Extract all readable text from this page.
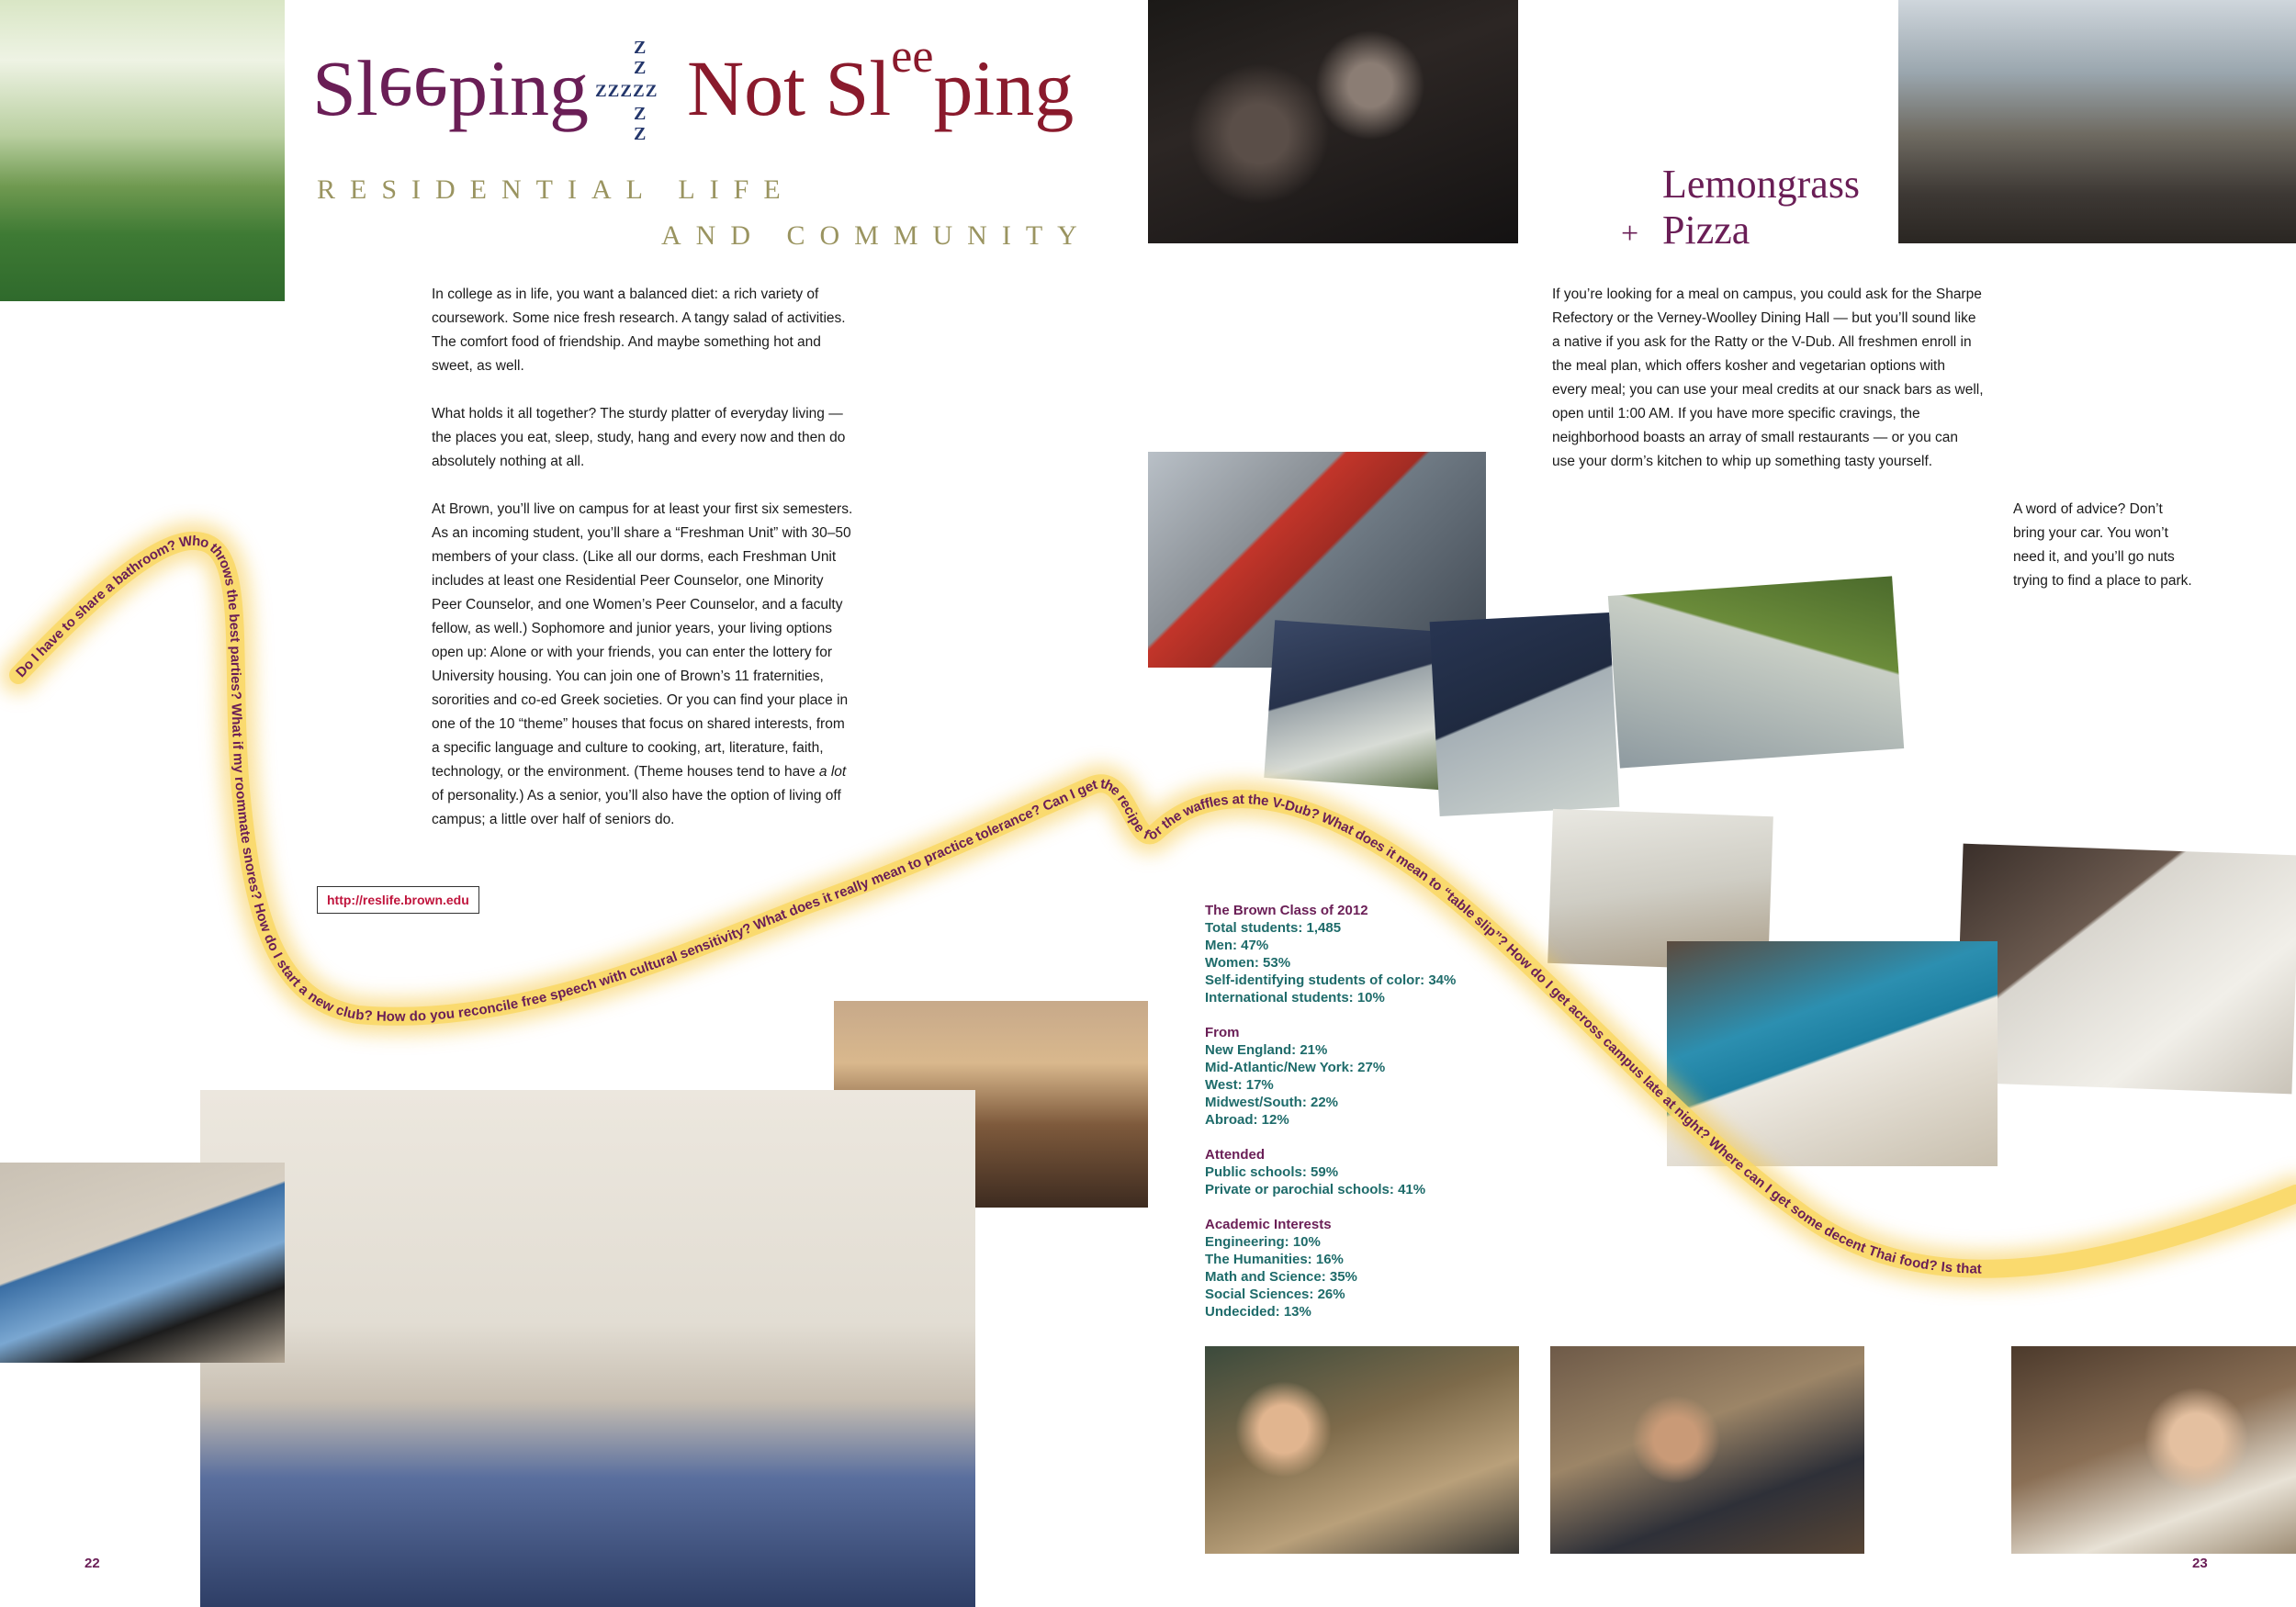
Sleeping Z
Z
ZZZZZ
Z
Z
Not Sleeping
RESIDENTIAL LIFE
AND COMMUNITY

In college as in life, you want a balanced diet: a rich variety of coursework. Some nice fresh research. A tangy salad of activities. The comfort food of friendship. And maybe something hot and sweet, as well.

What holds it all together? The sturdy platter of everyday living — the places you eat, sleep, study, hang and every now and then do absolutely nothing at all.

At Brown, you’ll live on campus for at least your first six semesters. As an incoming student, you’ll share a “Freshman Unit” with 30–50 members of your class. (Like all our dorms, each Freshman Unit includes at least one Residential Peer Counselor, one Minority Peer Counselor, and one Women’s Peer Counselor, and a faculty fellow, as well.) Sophomore and junior years, your living options open up: Alone or with your friends, you can enter the lottery for University housing. You can join one of Brown’s 11 fraternities, sororities and co-ed Greek societies. Or you can find your place in one of the 10 “theme” houses that focus on shared interests, from a specific language and culture to cooking, art, literature, faith, technology, or the environment. (Theme houses tend to have a lot of personality.) As a senior, you’ll also have the option of living off campus; a little over half of seniors do.

http://reslife.brown.edu
Lemongrass
+ Pizza
If you’re looking for a meal on campus, you could ask for the Sharpe Refectory or the Verney-Woolley Dining Hall — but you’ll sound like a native if you ask for the Ratty or the V-Dub. All freshmen enroll in the meal plan, which offers kosher and vegetarian options with every meal; you can use your meal credits at our snack bars as well, open until 1:00 AM. If you have more specific cravings, the neighborhood boasts an array of small restaurants — or you can use your dorm’s kitchen to whip up something tasty yourself.
A word of advice? Don’t bring your car. You won’t need it, and you’ll go nuts trying to find a place to park.
The Brown Class of 2012
Total students: 1,485
Men: 47%
Women: 53%
Self-identifying students of color: 34%
International students: 10%
From
New England: 21%
Mid-Atlantic/New York: 27%
West: 17%
Midwest/South: 22%
Abroad: 12%
Attended
Public schools: 59%
Private or parochial schools: 41%
Academic Interests
Engineering: 10%
The Humanities: 16%
Math and Science: 35%
Social Sciences: 26%
Undecided: 13%
Do I have to share a bathroom? Who throws the best parties? What if my roommate snores? How do I start a new club? How do you reconcile free speech with cultural sensitivity? What does it really mean to practice tolerance? Can I get the recipe for the waffles at the V-Dub? What does it mean to “table slip”? How do I get across campus late at night? Where can I get some decent Thai food? Is that
22	23
